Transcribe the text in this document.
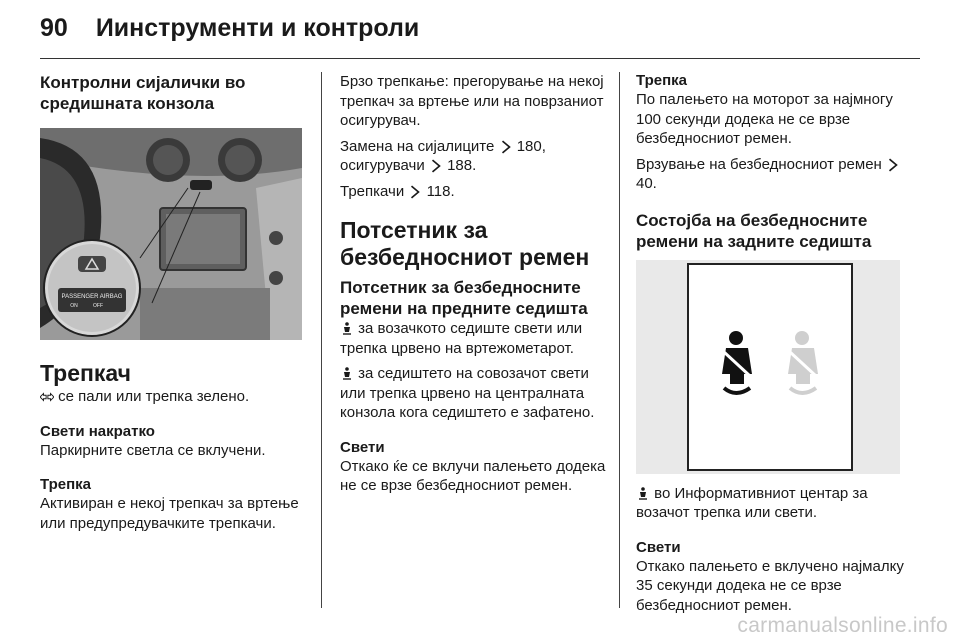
90 Иинструменти и контроли
Контролни сијалички во средишната конзола
PASSENGER AIRBAG
ON	OFF
Трепкач
се пали или трепка зелено.
Свети накратко
Паркирните светла се вклучени.
Трепка
Активиран е некој трепкач за вртење или предупредувачките трепкачи.
Брзо трепкање: прегорување на некој трепкач за вртење или на поврзаниот осигурувач.
Замена на сијалиците 180,
осигурувачи 188.
Трепкачи 118.
Потсетник за безбедносниот ремен
Потсетник за безбедносните ремени на предните седишта
за возачкото седиште свети или трепка црвено на вртежометарот.
за седиштето на совозачот свети или трепка црвено на централната конзола кога седиштето е зафатено.
Свети
Откако ќе се вклучи палењето додека не се врзе безбедносниот ремен.
Трепка
По палењето на моторот за најмногу 100 секунди додека не се врзе безбедносниот ремен.
Врзување на безбедносниот ремен  40.
Состојба на безбедносните ремени на задните седишта
во Информативниот центар за возачот трепка или свети.
Свети
Откако палењето е вклучено најмалку 35 секунди додека не се врзе безбедносниот ремен.
carmanualsonline.info
